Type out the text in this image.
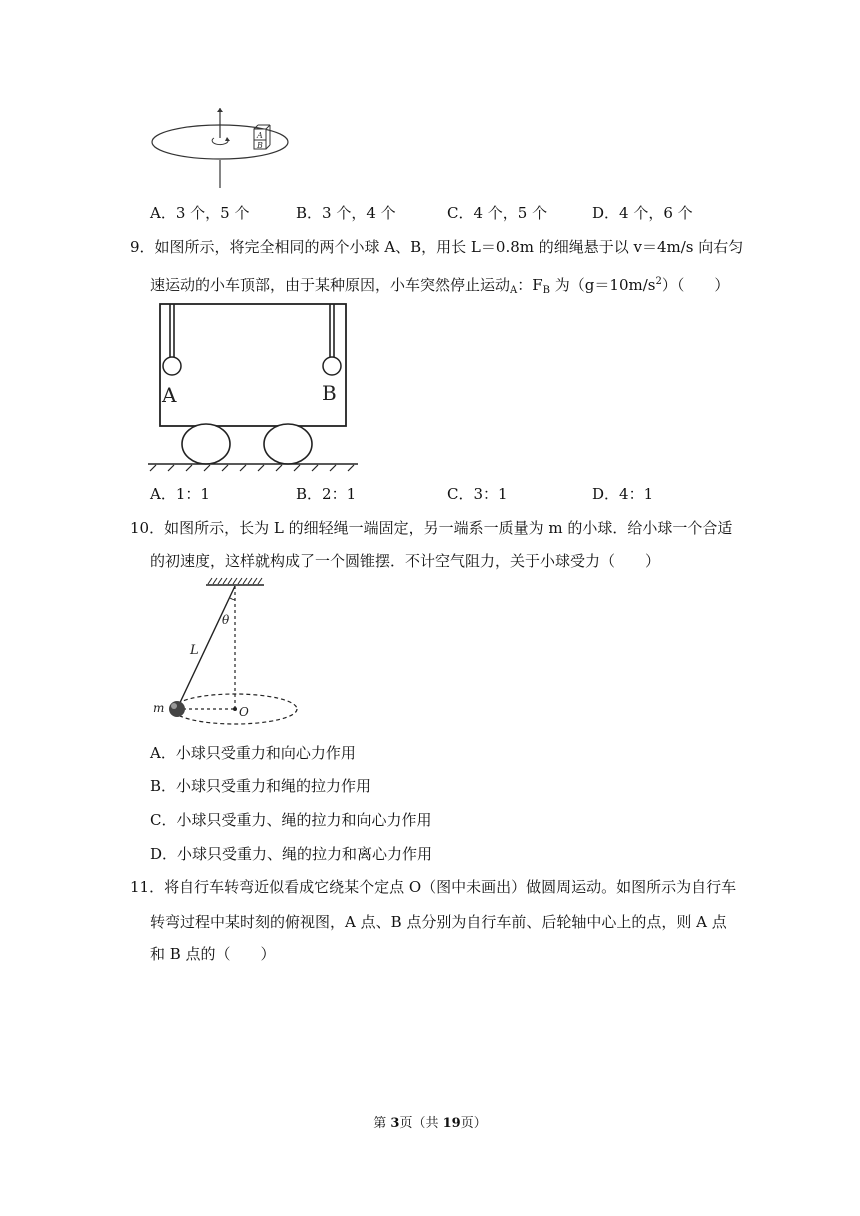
A
B
A．3 个，5 个	B．3 个，4 个	C．4 个，5 个	D．4 个，6 个
9．如图所示，将完全相同的两个小球 A、B，用长 L＝0.8m 的细绳悬于以 v＝4m/s 向右匀
速运动的小车顶部，由于某种原因，小车突然停止运动$_A$：$F_B$ 为$(g=10m/s^2)$（　　）
A	B
A．1：1	B．2：1	C．3：1	D．4：1
10．如图所示，长为 L 的细轻绳一端固定，另一端系一质量为 m 的小球．给小球一个合适
的初速度，这样就构成了一个圆锥摆．不计空气阻力，关于小球受力（　　）
θ
L
m	O
A．小球只受重力和向心力作用
B．小球只受重力和绳的拉力作用
C．小球只受重力、绳的拉力和向心力作用
D．小球只受重力、绳的拉力和离心力作用
11．将自行车转弯近似看成它绕某个定点 O（图中未画出）做圆周运动。如图所示为自行车
转弯过程中某时刻的俯视图，A 点、B 点分别为自行车前、后轮轴中心上的点，则 A 点
和 B 点的（　　）
第 3页（共 19页）
